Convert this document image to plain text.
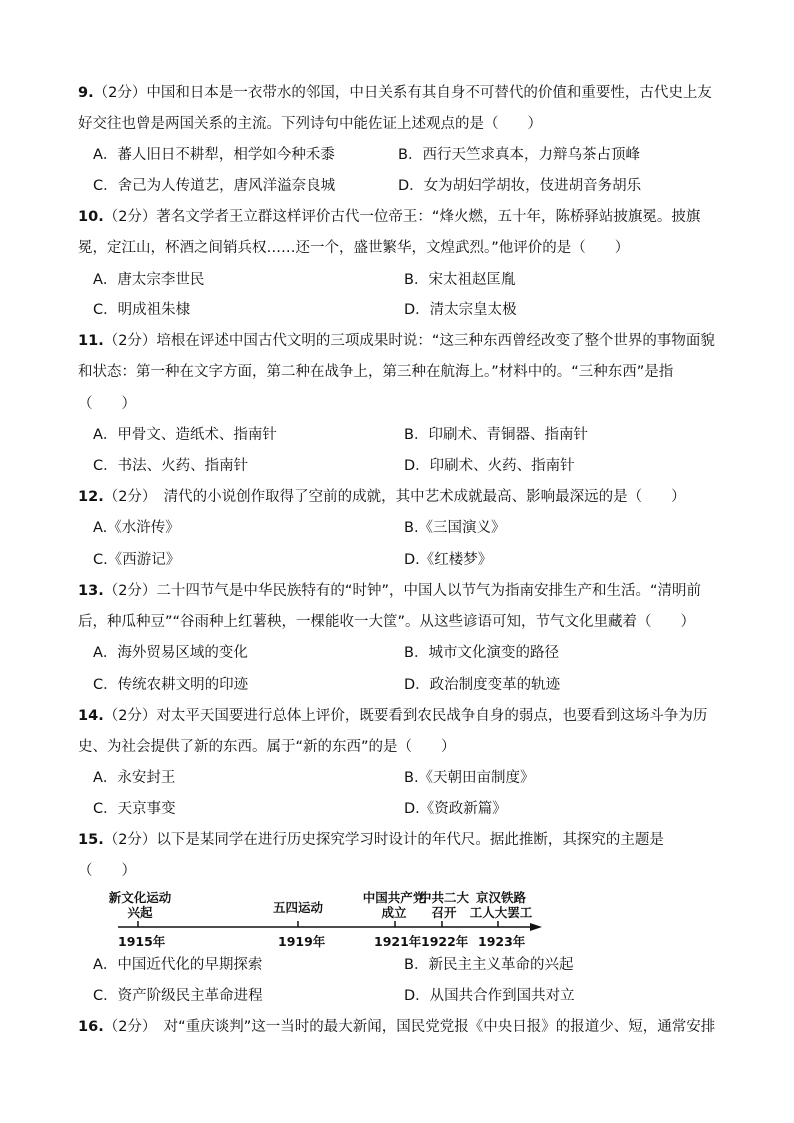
9.（2分）中国和日本是一衣带水的邻国，中日关系有其自身不可替代的价值和重要性，古代史上友
好交往也曾是两国关系的主流。下列诗句中能佐证上述观点的是（　　）
A．蕃人旧日不耕犁，相学如今种禾黍	B．西行天竺求真本，力辩乌茶占顶峰
C．舍己为人传道艺，唐风洋溢奈良城	D．女为胡妇学胡妆，伎进胡音务胡乐
10.（2分）著名文学者王立群这样评价古代一位帝王：“烽火燃，五十年，陈桥驿站披旗冕。披旗
冕，定江山，杯酒之间销兵权……还一个，盛世繁华，文煌武烈。”他评价的是（　　）
A．唐太宗李世民	B．宋太祖赵匡胤
C．明成祖朱棣	D．清太宗皇太极
11.（2分）培根在评述中国古代文明的三项成果时说：“这三种东西曾经改变了整个世界的事物面貌
和状态：第一种在文字方面，第二种在战争上，第三种在航海上。”材料中的。“三种东西”是指
（　　）
A．甲骨文、造纸术、指南针	B．印刷术、青铜器、指南针
C．书法、火药、指南针	D．印刷术、火药、指南针
12.（2分）　清代的小说创作取得了空前的成就，其中艺术成就最高、影响最深远的是（　　）
A.《水浒传》	B.《三国演义》
C.《西游记》	D.《红楼梦》
13.（2分）二十四节气是中华民族特有的“时钟”，中国人以节气为指南安排生产和生活。“清明前
后，种瓜种豆”“谷雨种上红薯秧，一棵能收一大筐”。从这些谚语可知，节气文化里藏着（　　）
A．海外贸易区域的变化	B．城市文化演变的路径
C．传统农耕文明的印迹	D．政治制度变革的轨迹
14.（2分）对太平天国要进行总体上评价，既要看到农民战争自身的弱点，也要看到这场斗争为历
史、为社会提供了新的东西。属于“新的东西”的是（　　）
A．永安封王	B.《天朝田亩制度》
C．天京事变	D.《资政新篇》
15.（2分）以下是某同学在进行历史探究学习时设计的年代尺。据此推断，其探究的主题是
（　　）
新文化运动
兴起
1915年
五四运动
1919年
中国共产党
成立
1921年
中共二大
召开
1922年
京汉铁路
工人大罢工
1923年
A．中国近代化的早期探索	B．新民主主义革命的兴起
C．资产阶级民主革命进程	D．从国共合作到国共对立
16.（2分）　对“重庆谈判”这一当时的最大新闻，国民党党报《中央日报》的报道少、短，通常安排
